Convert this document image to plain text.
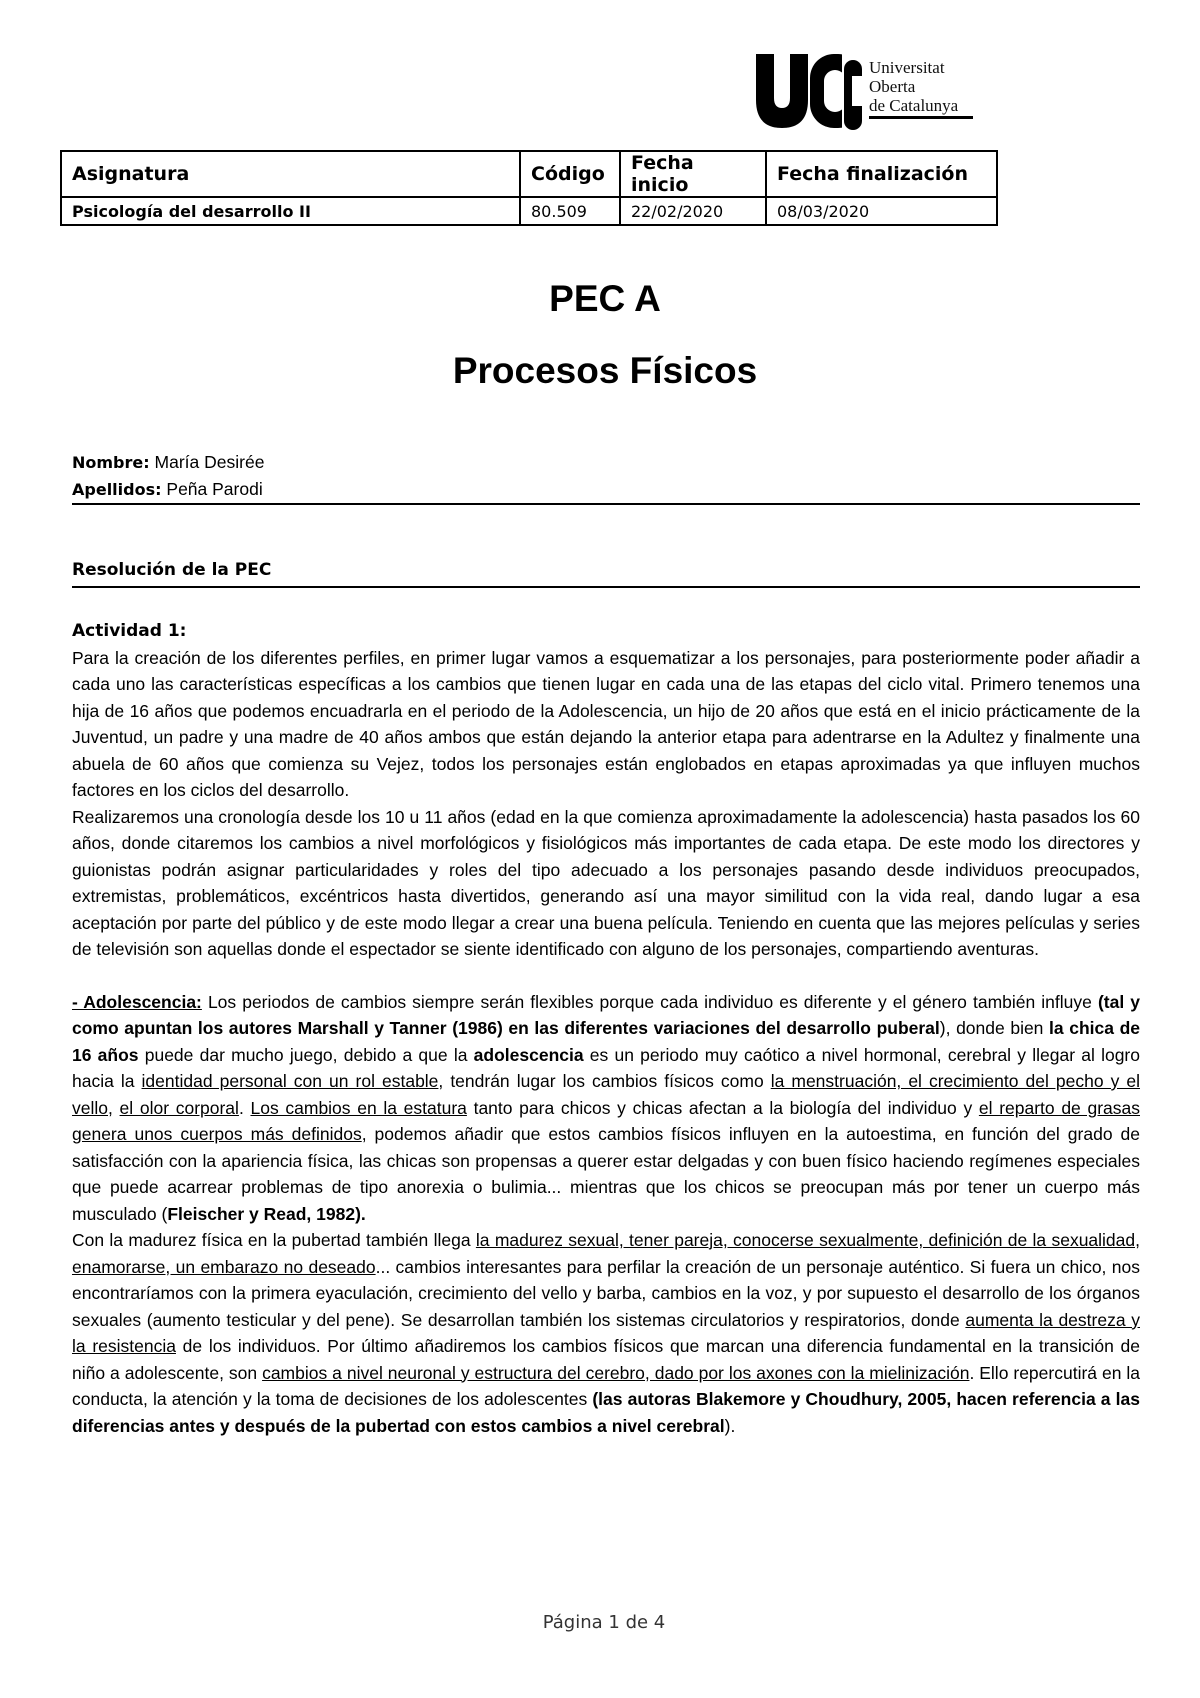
Universitat
Oberta
de Catalunya
Asignatura	Código	Fecha inicio	Fecha finalización
Psicología del desarrollo II	80.509	22/02/2020	08/03/2020
PEC A
Procesos Físicos
Nombre: María Desirée
Apellidos: Peña Parodi
Resolución de la PEC

Actividad 1:

Para la creación de los diferentes perfiles, en primer lugar vamos a esquematizar a los personajes, para posteriormente poder añadir a cada uno las características específicas a los cambios que tienen lugar en cada una de las etapas del ciclo vital. Primero tenemos una hija de 16 años que podemos encuadrarla en el periodo de la Adolescencia, un hijo de 20 años que está en el inicio prácticamente de la Juventud, un padre y una madre de 40 años ambos que están dejando la anterior etapa para adentrarse en la Adultez y finalmente una abuela de 60 años que comienza su Vejez, todos los personajes están englobados en etapas aproximadas ya que influyen muchos factores en los ciclos del desarrollo.

Realizaremos una cronología desde los 10 u 11 años (edad en la que comienza aproximadamente la adolescencia) hasta pasados los 60 años, donde citaremos los cambios a nivel morfológicos y fisiológicos más importantes de cada etapa. De este modo los directores y guionistas podrán asignar particularidades y roles del tipo adecuado a los personajes pasando desde individuos preocupados, extremistas, problemáticos, excéntricos hasta divertidos, generando así una mayor similitud con la vida real, dando lugar a esa aceptación por parte del público y de este modo llegar a crear una buena película. Teniendo en cuenta que las mejores películas y series de televisión son aquellas donde el espectador se siente identificado con alguno de los personajes, compartiendo aventuras.

- Adolescencia: Los periodos de cambios siempre serán flexibles porque cada individuo es diferente y el género también influye (tal y como apuntan los autores Marshall y Tanner (1986) en las diferentes variaciones del desarrollo puberal), donde bien la chica de 16 años puede dar mucho juego, debido a que la adolescencia es un periodo muy caótico a nivel hormonal, cerebral y llegar al logro hacia la identidad personal con un rol estable, tendrán lugar los cambios físicos como la menstruación, el crecimiento del pecho y el vello, el olor corporal. Los cambios en la estatura tanto para chicos y chicas afectan a la biología del individuo y el reparto de grasas genera unos cuerpos más definidos, podemos añadir que estos cambios físicos influyen en la autoestima, en función del grado de satisfacción con la apariencia física, las chicas son propensas a querer estar delgadas y con buen físico haciendo regímenes especiales que puede acarrear problemas de tipo anorexia o bulimia... mientras que los chicos se preocupan más por tener un cuerpo más musculado (Fleischer y Read, 1982).

Con la madurez física en la pubertad también llega la madurez sexual, tener pareja, conocerse sexualmente, definición de la sexualidad, enamorarse, un embarazo no deseado... cambios interesantes para perfilar la creación de un personaje auténtico. Si fuera un chico, nos encontraríamos con la primera eyaculación, crecimiento del vello y barba, cambios en la voz, y por supuesto el desarrollo de los órganos sexuales (aumento testicular y del pene). Se desarrollan también los sistemas circulatorios y respiratorios, donde aumenta la destreza y la resistencia de los individuos. Por último añadiremos los cambios físicos que marcan una diferencia fundamental en la transición de niño a adolescente, son cambios a nivel neuronal y estructura del cerebro, dado por los axones con la mielinización. Ello repercutirá en la conducta, la atención y la toma de decisiones de los adolescentes (las autoras Blakemore y Choudhury, 2005, hacen referencia a las diferencias antes y después de la pubertad con estos cambios a nivel cerebral).

Página 1 de 4
